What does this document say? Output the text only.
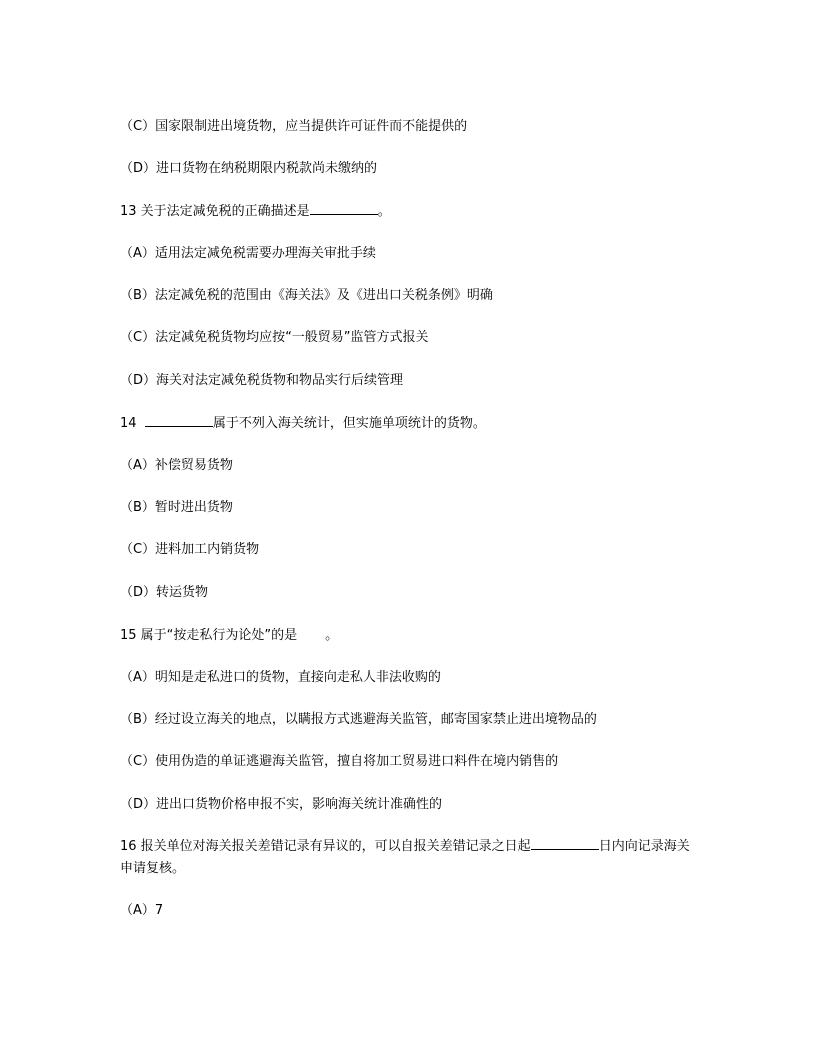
（C）国家限制进出境货物，应当提供许可证件而不能提供的
（D）进口货物在纳税期限内税款尚未缴纳的
13 关于法定减免税的正确描述是	。
（A）适用法定减免税需要办理海关审批手续
（B）法定减免税的范围由《海关法》及《进出口关税条例》明确
（C）法定减免税货物均应按“一般贸易”监管方式报关
（D）海关对法定减免税货物和物品实行后续管理
14	属于不列入海关统计，但实施单项统计的货物。
（A）补偿贸易货物
（B）暂时进出货物
（C）进料加工内销货物
（D）转运货物
15 属于“按走私行为论处”的是 。
（A）明知是走私进口的货物，直接向走私人非法收购的
（B）经过设立海关的地点，以瞒报方式逃避海关监管，邮寄国家禁止进出境物品的
（C）使用伪造的单证逃避海关监管，擅自将加工贸易进口料件在境内销售的
（D）进出口货物价格申报不实，影响海关统计准确性的
16 报关单位对海关报关差错记录有异议的，可以自报关差错记录之日起	日内向记录海关申请复核。
（A）7
